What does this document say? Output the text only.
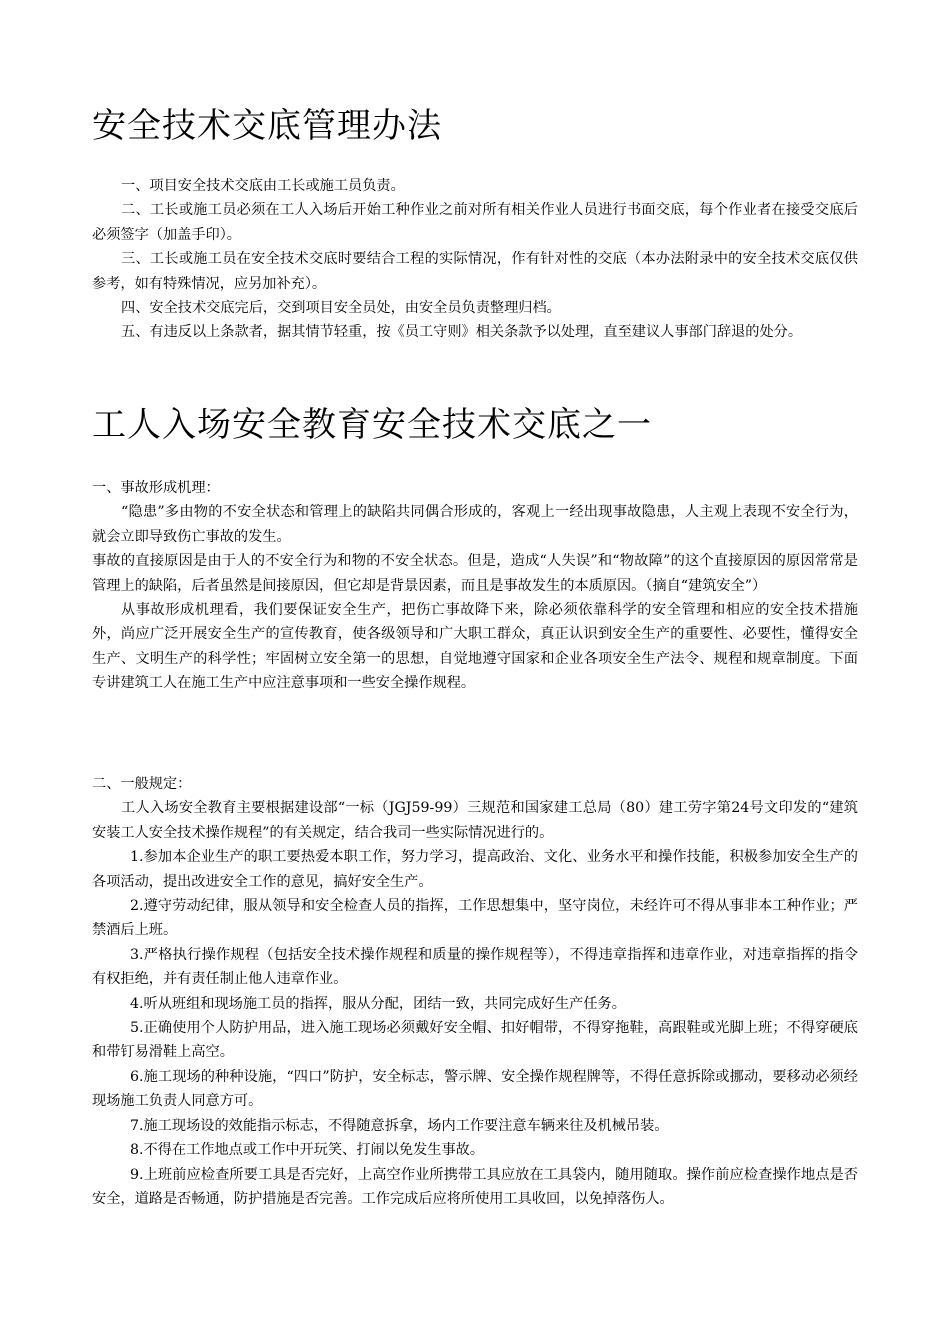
安全技术交底管理办法

一、项目安全技术交底由工长或施工员负责。

二、工长或施工员必须在工人入场后开始工种作业之前对所有相关作业人员进行书面交底，每个作业者在接受交底后必须签字（加盖手印）。

三、工长或施工员在安全技术交底时要结合工程的实际情况，作有针对性的交底（本办法附录中的安全技术交底仅供参考，如有特殊情况，应另加补充）。

四、安全技术交底完后，交到项目安全员处，由安全员负责整理归档。

五、有违反以上条款者，据其情节轻重，按《员工守则》相关条款予以处理，直至建议人事部门辞退的处分。

工人入场安全教育安全技术交底之一

一、事故形成机理：

“隐患”多由物的不安全状态和管理上的缺陷共同偶合形成的，客观上一经出现事故隐患，人主观上表现不安全行为，就会立即导致伤亡事故的发生。

事故的直接原因是由于人的不安全行为和物的不安全状态。但是，造成“人失误”和“物故障”的这个直接原因的原因常常是管理上的缺陷，后者虽然是间接原因，但它却是背景因素，而且是事故发生的本质原因。（摘自“建筑安全”）

从事故形成机理看，我们要保证安全生产，把伤亡事故降下来，除必须依靠科学的安全管理和相应的安全技术措施外，尚应广泛开展安全生产的宣传教育，使各级领导和广大职工群众，真正认识到安全生产的重要性、必要性，懂得安全生产、文明生产的科学性；牢固树立安全第一的思想，自觉地遵守国家和企业各项安全生产法令、规程和规章制度。下面专讲建筑工人在施工生产中应注意事项和一些安全操作规程。

二、一般规定：

工人入场安全教育主要根据建设部“一标（JGJ59-99）三规范和国家建工总局（80）建工劳字第24号文印发的“建筑安装工人安全技术操作规程”的有关规定，结合我司一些实际情况进行的。

1.参加本企业生产的职工要热爱本职工作，努力学习，提高政治、文化、业务水平和操作技能，积极参加安全生产的各项活动，提出改进安全工作的意见，搞好安全生产。

2.遵守劳动纪律，服从领导和安全检查人员的指挥，工作思想集中，坚守岗位，未经许可不得从事非本工种作业；严禁酒后上班。

3.严格执行操作规程（包括安全技术操作规程和质量的操作规程等），不得违章指挥和违章作业，对违章指挥的指令有权拒绝，并有责任制止他人违章作业。

4.听从班组和现场施工员的指挥，服从分配，团结一致，共同完成好生产任务。

5.正确使用个人防护用品，进入施工现场必须戴好安全帽、扣好帽带，不得穿拖鞋，高跟鞋或光脚上班；不得穿硬底和带钉易滑鞋上高空。

6.施工现场的种种设施，“四口”防护，安全标志，警示牌、安全操作规程牌等，不得任意拆除或挪动，要移动必须经现场施工负责人同意方可。

7.施工现场设的效能指示标志，不得随意拆拿，场内工作要注意车辆来往及机械吊装。

8.不得在工作地点或工作中开玩笑、打闹以免发生事故。

9.上班前应检查所要工具是否完好，上高空作业所携带工具应放在工具袋内，随用随取。操作前应检查操作地点是否安全，道路是否畅通，防护措施是否完善。工作完成后应将所使用工具收回，以免掉落伤人。
